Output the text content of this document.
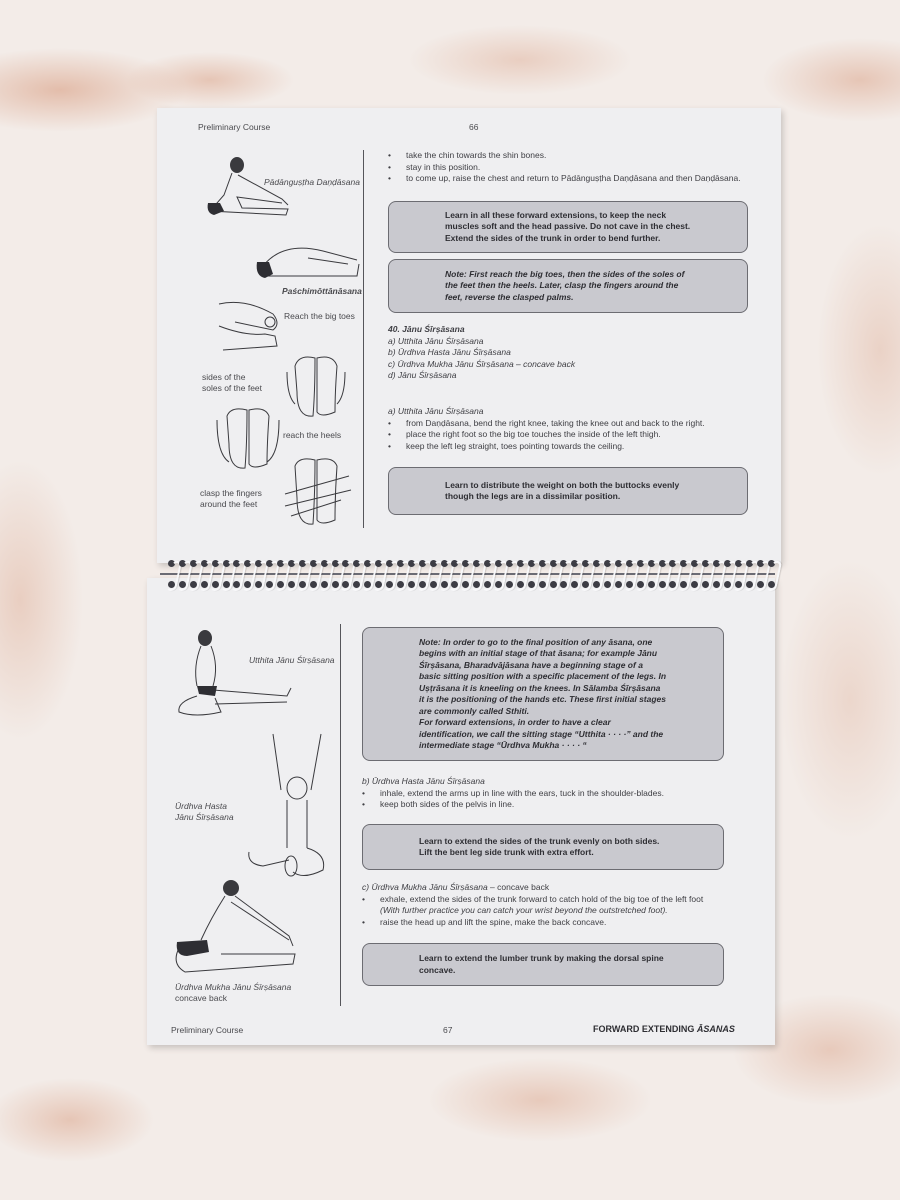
Preliminary Course	66
Pādānguṣṭha Daṇḍāsana
Paśchimōttānāsana
Reach the big toes
sides of the
soles of the feet
reach the heels
clasp the fingers
around the feet
•	take the chin towards the shin bones.
•	stay in this position.
•	to come up, raise the chest and return to Pādānguṣṭha Daṇḍāsana and then Daṇḍāsana.
Learn in all these forward extensions, to keep the neck
muscles soft and the head passive. Do not cave in the chest.
Extend the sides of the trunk in order to bend further.
Note: First reach the big toes, then the sides of the soles of
the feet then the heels. Later, clasp the fingers around the
feet, reverse the clasped palms.
40. Jānu Śīrṣāsana
a) Utthita Jānu Śīrṣāsana
b) Ūrdhva Hasta Jānu Śīrṣāsana
c) Ūrdhva Mukha Jānu Śīrṣāsana – concave back
d) Jānu Śīrṣāsana
a) Utthita Jānu Śīrṣāsana
•	from Daṇḍāsana, bend the right knee, taking the knee out and back to the right.
•	place the right foot so the big toe touches the inside of the left thigh.
•	keep the left leg straight, toes pointing towards the ceiling.
Learn to distribute the weight on both the buttocks evenly
though the legs are in a dissimilar position.
Utthita Jānu Śīrṣāsana
Ūrdhva Hasta
Jānu Śīrṣāsana
Ūrdhva Mukha Jānu Śīrṣāsana
concave back
Note: In order to go to the final position of any āsana, one
begins with an initial stage of that āsana; for example Jānu
Śīrṣāsana, Bharadvājāsana have a beginning stage of a
basic sitting position with a specific placement of the legs. In
Uṣṭrāsana it is kneeling on the knees. In Sālamba Śīrṣāsana
it is the positioning of the hands etc. These first initial stages
are commonly called Sthiti.
For forward extensions, in order to have a clear
identification, we call the sitting stage “Utthita · · · ·” and the
intermediate stage “Ūrdhva Mukha · · · · “
b) Ūrdhva Hasta Jānu Śīrṣāsana
•	inhale, extend the arms up in line with the ears, tuck in the shoulder-blades.
•	keep both sides of the pelvis in line.
Learn to extend the sides of the trunk evenly on both sides.
Lift the bent leg side trunk with extra effort.
c) Ūrdhva Mukha Jānu Śīrṣāsana – concave back
•	exhale, extend the sides of the trunk forward to catch hold of the big toe of the left foot
(With further practice you can catch your wrist beyond the outstretched foot).
•	raise the head up and lift the spine, make the back concave.
Learn to extend the lumber trunk by making the dorsal spine
concave.
Preliminary Course	67	FORWARD EXTENDING ĀSANAS
